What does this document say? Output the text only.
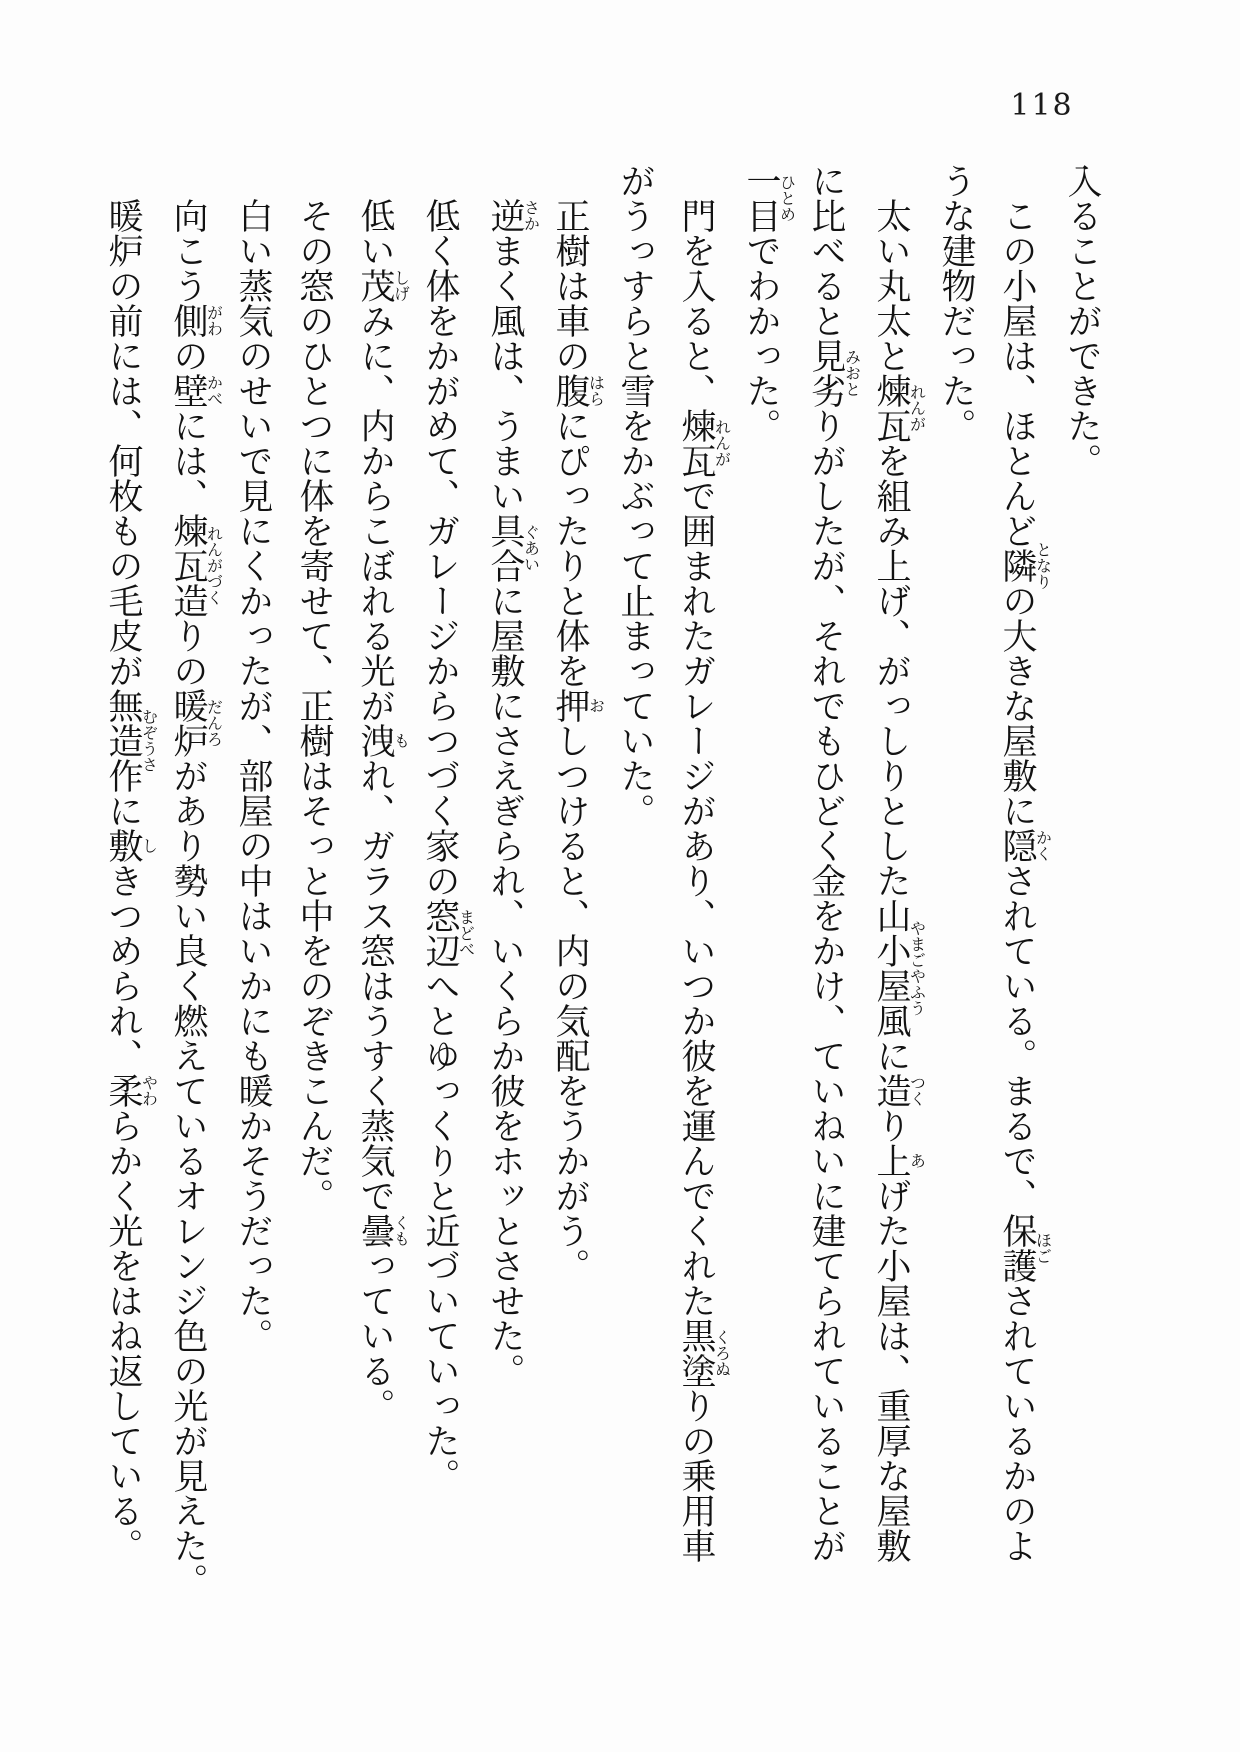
118

入ることができた。

この小屋は、ほとんど隣となりの大きな屋敷に隠かくされている。まるで、保護ほごされているかのよ

うな建物だった。

太い丸太と煉瓦れんがを組み上げ、がっしりとした山小屋風やまごやふうに造つくり上あげた小屋は、重厚な屋敷

に比べると見劣みおとりがしたが、それでもひどく金をかけ、ていねいに建てられていることが

一目ひとめでわかった。

門を入ると、煉瓦れんがで囲まれたガレージがあり、いつか彼を運んでくれた黒塗くろぬりの乗用車

がうっすらと雪をかぶって止まっていた。

正樹は車の腹はらにぴったりと体を押おしつけると、内の気配をうかがう。

逆さかまく風は、うまい具合ぐあいに屋敷にさえぎられ、いくらか彼をホッとさせた。

低く体をかがめて、ガレージからつづく家の窓辺まどべへとゆっくりと近づいていった。

低い茂しげみに、内からこぼれる光が洩もれ、ガラス窓はうすく蒸気で曇くもっている。

その窓のひとつに体を寄せて、正樹はそっと中をのぞきこんだ。

白い蒸気のせいで見にくかったが、部屋の中はいかにも暖かそうだった。

向こう側がわの壁かべには、煉瓦造れんがづくりの暖炉だんろがあり勢い良く燃えているオレンジ色の光が見えた。

暖炉の前には、何枚もの毛皮が無造作むぞうさに敷しきつめられ、柔やわらかく光をはね返している。
